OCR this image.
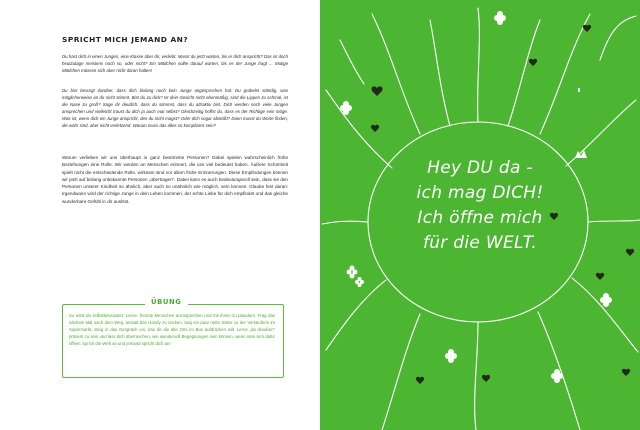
SPRICHT MICH JEMAND AN?

Du hast dich in einen Jungen, eine Klasse über dir, verliebt. Musst du jetzt warten, bis er dich anspricht? Das ist doch heutzutage meistens noch so, oder nicht? Ein Mädchen sollte darauf warten, bis es der Junge fragt ... Mutige Mädchen müssen sich aber nicht daran halten!

Du bist besorgt darüber, dass dich bislang noch kein Junge angesprochen hat. Du grübelst ständig, was möglicherweise an dir nicht stimmt. Bist du zu dick? Ist dein Gesicht nicht ebenmäßig, sind die Lippen zu schmal, ist die Nase zu groß? Sage dir deutlich, dass du stimmst, dass du attraktiv bist. Dich werden noch viele Jungen ansprechen und vielleicht traust du dich ja auch mal selbst? Gleichzeitig hoffst du, dass es der Richtige sein möge. Was ist, wenn dich ein Junge anspricht, den du nicht magst? Oder dich sogar abstößt? Dann musst du Worte finden, die wahr sind, aber nicht verletzend. Warum muss das alles so kompliziert sein?

Warum verlieben wir uns überhaupt in ganz bestimmte Personen? Dabei spielen wahrscheinlich frühe Beziehungen eine Rolle. Wir werden an Menschen erinnert, die uns viel bedeutet haben. Äußere Schönheit spielt nicht die entscheidende Rolle, wirksam sind vor allem frühe Erinnerungen. Diese Empfindungen können wir jetzt auf bislang unbekannte Personen „übertragen“. Dabei kann es auch bedeutungsvoll sein, dass sie den Personen unserer Kindheit so ähnlich, aber auch so unähnlich wie möglich, sein können. Glaube fest daran: Irgendwann wird der richtige Junge in dein Leben kommen, der echte Liebe für dich empfindet und das gleiche wunderbare Gefühl in dir auslöst.

ÜBUNG

So wirst du selbstbewusster: Lerne, fremde Menschen anzusprechen und mit ihnen zu plaudern. Frag das nächste Mal nach dem Weg, anstatt das Handy zu zücken. Sag ein paar nette Sätze zu der Verkäuferin im Supermarkt, steig in das Gespräch ein, das dir die alte Omi im Bus aufdrücken will. Lerne „da draußen“ präsent zu sein und lass dich überraschen, wie wundervoll Begegnungen sein können, wenn man sich dafür öffnet. Sprich die Welt an und jemand spricht dich an!

Hey DU da -
ich mag DICH!
Ich öffne mich
für die WELT.
